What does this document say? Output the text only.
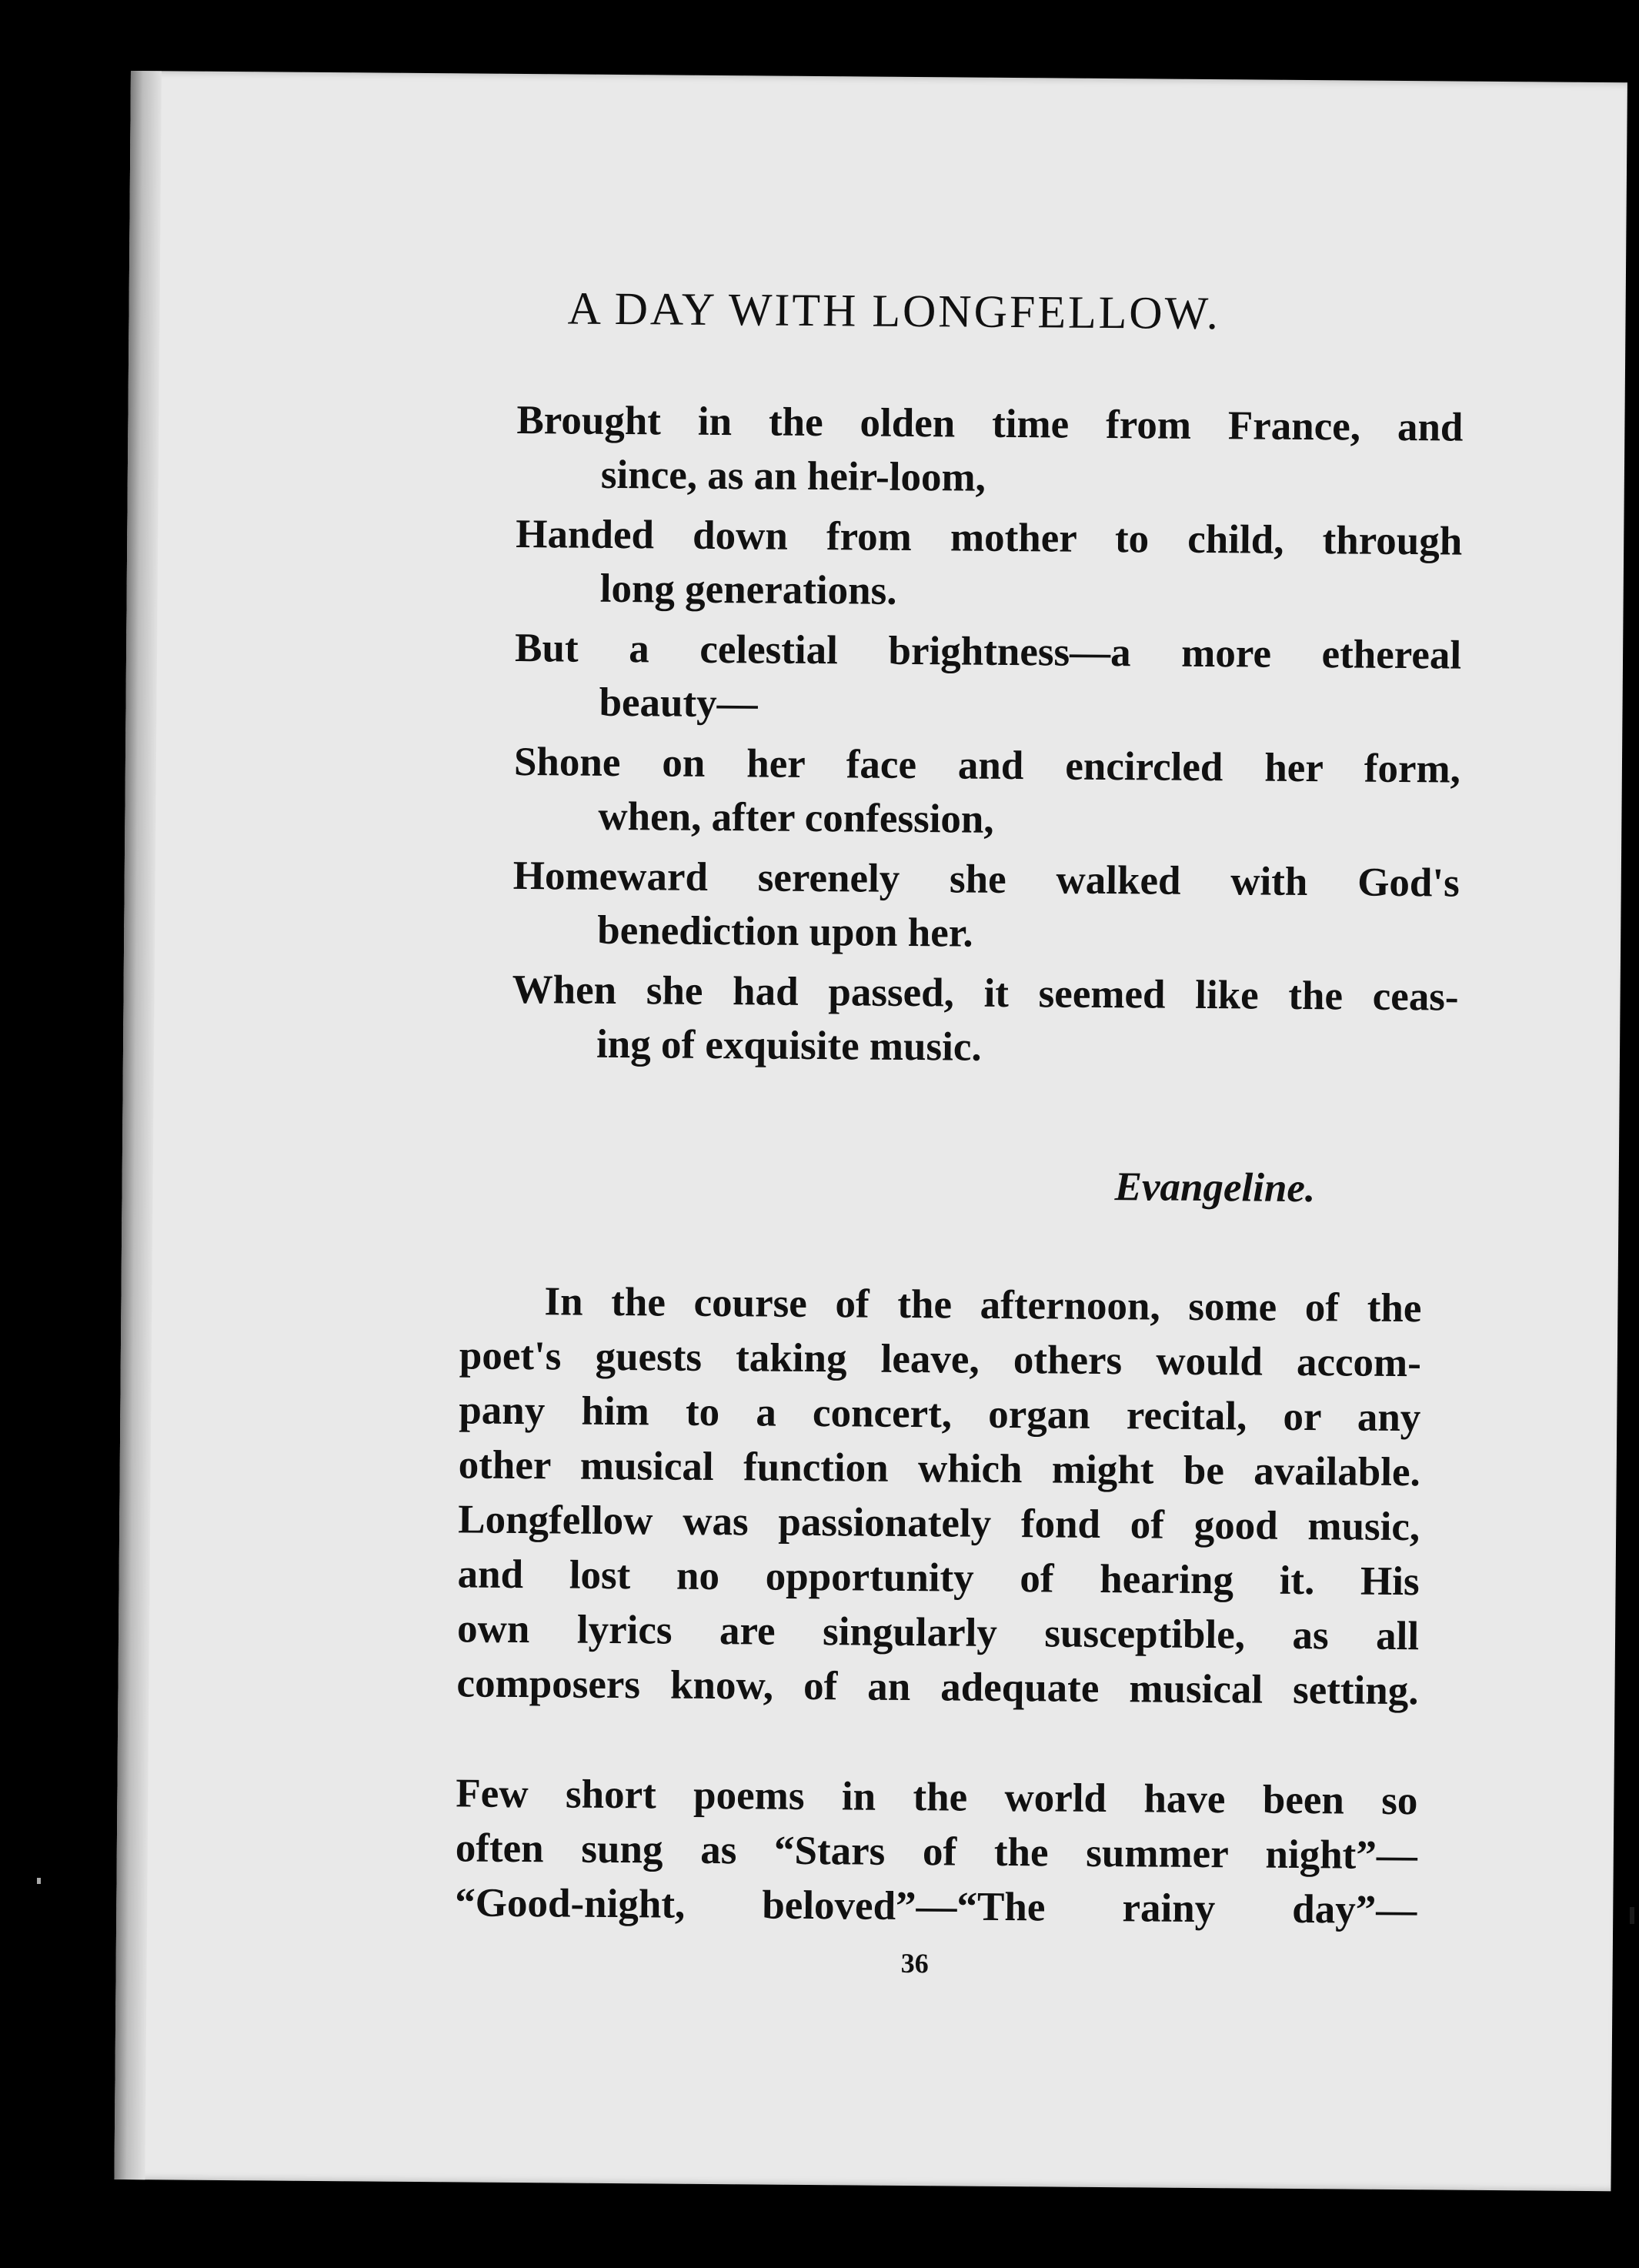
A DAY WITH LONGFELLOW.
Brought in the olden time from France, and
since, as an heir-loom,
Handed down from mother to child, through
long generations.
But a celestial brightness—a more ethereal
beauty—
Shone on her face and encircled her form,
when, after confession,
Homeward serenely she walked with God's
benediction upon her.
When she had passed, it seemed like the ceas-
ing of exquisite music.
Evangeline.
In the course of the afternoon, some of the
poet's guests taking leave, others would accom-
pany him to a concert, organ recital, or any
other musical function which might be available.
Longfellow was passionately fond of good music,
and lost no opportunity of hearing it. His
own lyrics are singularly susceptible, as all
composers know, of an adequate musical setting.
Few short poems in the world have been so
often sung as “Stars of the summer night”—
“Good-night, beloved”—“The rainy day”—
36
